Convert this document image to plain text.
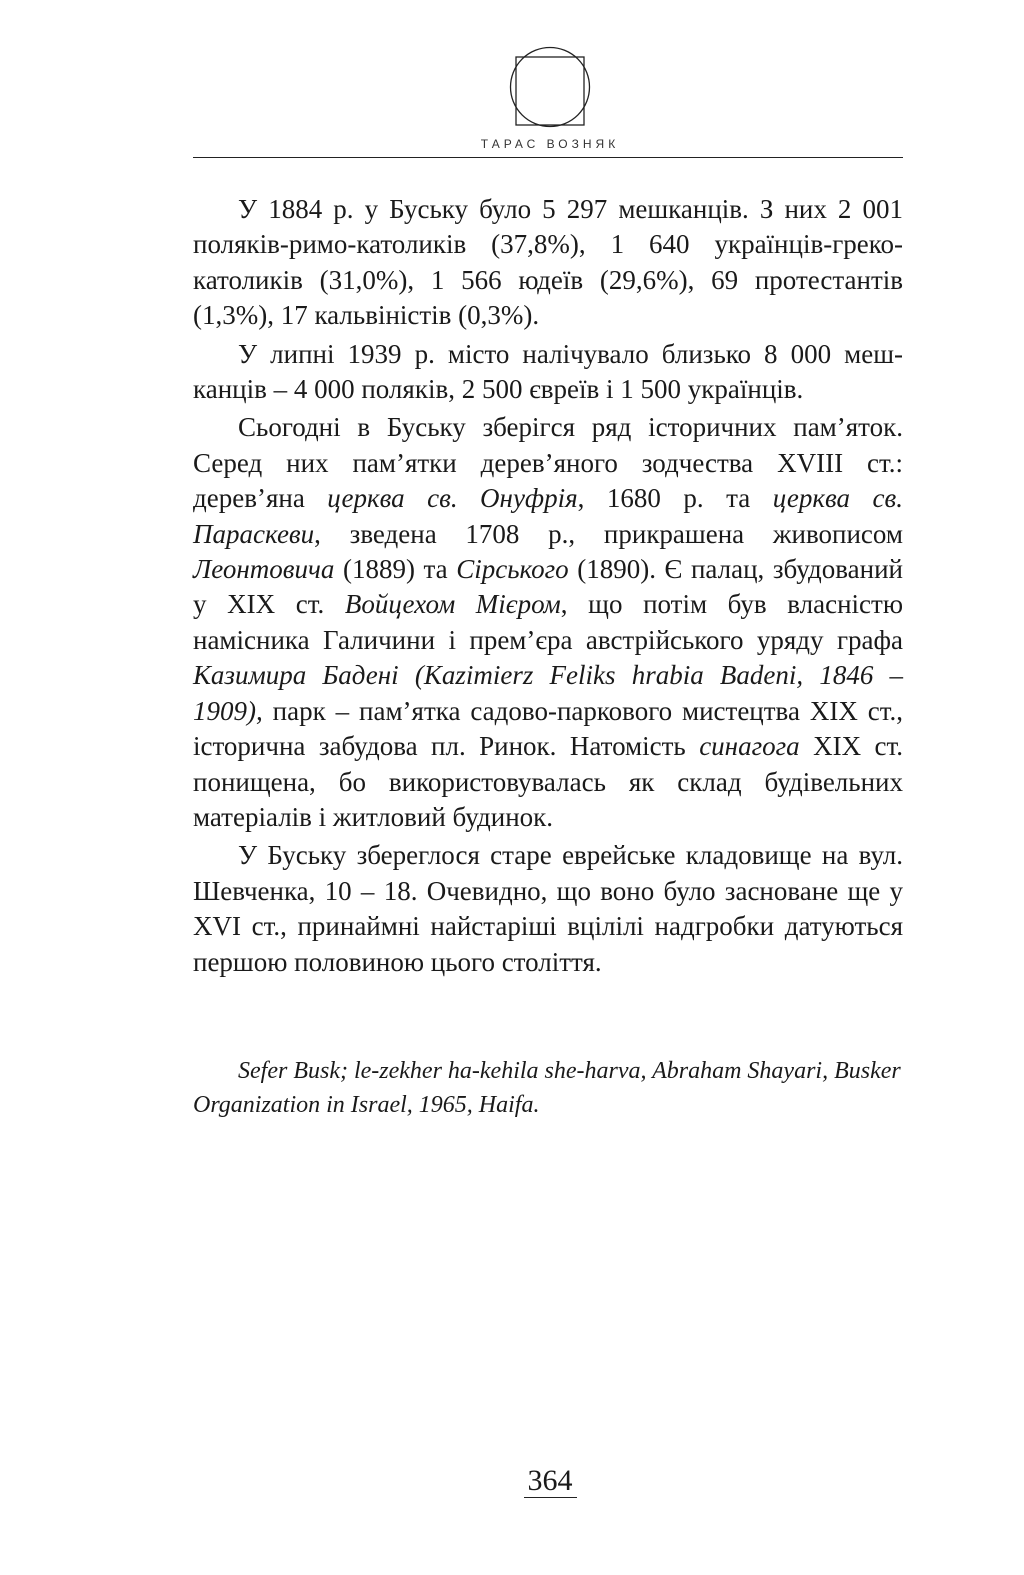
ТАРАС ВОЗНЯК

У 1884 р. у Буську було 5 297 мешканців. З них 2 001 поляків-римо-католиків (37,8%), 1 640 українців-греко-католиків (31,0%), 1 566 юдеїв (29,6%), 69 протестантів (1,3%), 17 кальвіністів (0,3%).

У липні 1939 р. місто налічувало близько 8 000 мешканців – 4 000 поляків, 2 500 євреїв і 1 500 українців.

Сьогодні в Буську зберігся ряд історичних пам’яток. Серед них пам’ятки дерев’яного зодчества XVIII ст.: дерев’яна церква св. Онуфрія, 1680 р. та церква св. Параскеви, зведена 1708 р., прикрашена живописом Леонтовича (1889) та Сірського (1890). Є палац, збудований у XIX ст. Войцехом Мієром, що потім був власністю намісника Галичини і прем’єра австрійського уряду графа Казимира Бадені (Kazimierz Feliks hrabia Badeni, 1846 – 1909), парк – пам’ятка садово-паркового мистецтва XIX ст., історична забудова пл. Ринок. Натомість синагога XIX ст. понищена, бо використовувалась як склад будівельних матеріалів і житловий будинок.

У Буську збереглося старе еврейське кладовище на вул. Шевченка, 10 – 18. Очевидно, що воно було засноване ще у XVI ст., принаймні найстаріші вцілілі надгробки датуються першою половиною цього століття.

Sefer Busk; le-zekher ha-kehila she-harva, Abraham Shayari, Busker Organization in Israel, 1965, Haifa.
364
